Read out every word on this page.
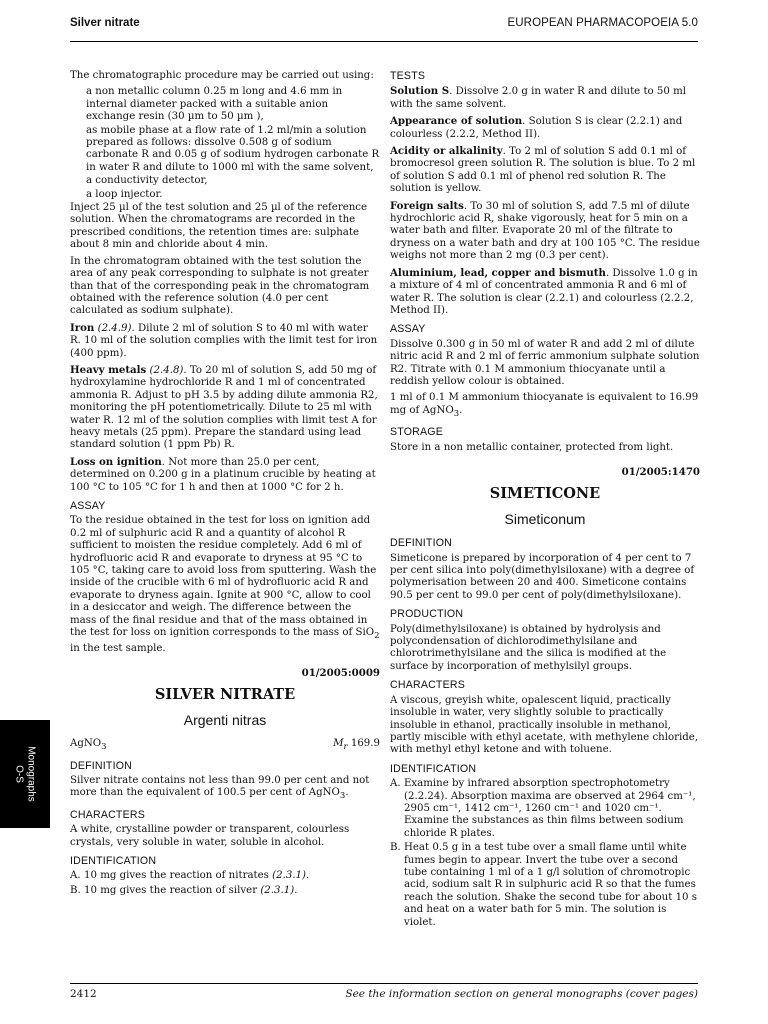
Silver nitrate	EUROPEAN PHARMACOPOEIA 5.0
Monographs
O-S

The chromatographic procedure may be carried out using:

a non metallic column 0.25 m long and 4.6 mm in internal diameter packed with a suitable anion exchange resin (30 µm to 50 µm ),

as mobile phase at a flow rate of 1.2 ml/min a solution prepared as follows: dissolve 0.508 g of sodium carbonate R and 0.05 g of sodium hydrogen carbonate R in water R and dilute to 1000 ml with the same solvent,

a conductivity detector,

a loop injector.

Inject 25 µl of the test solution and 25 µl of the reference solution. When the chromatograms are recorded in the prescribed conditions, the retention times are: sulphate about 8 min and chloride about 4 min.

In the chromatogram obtained with the test solution the area of any peak corresponding to sulphate is not greater than that of the corresponding peak in the chromatogram obtained with the reference solution (4.0 per cent calculated as sodium sulphate).

Iron (2.4.9). Dilute 2 ml of solution S to 40 ml with water R. 10 ml of the solution complies with the limit test for iron (400 ppm).

Heavy metals (2.4.8). To 20 ml of solution S, add 50 mg of hydroxylamine hydrochloride R and 1 ml of concentrated ammonia R. Adjust to pH 3.5 by adding dilute ammonia R2, monitoring the pH potentiometrically. Dilute to 25 ml with water R. 12 ml of the solution complies with limit test A for heavy metals (25 ppm). Prepare the standard using lead standard solution (1 ppm Pb) R.

Loss on ignition. Not more than 25.0 per cent, determined on 0.200 g in a platinum crucible by heating at 100 °C to 105 °C for 1 h and then at 1000 °C for 2 h.

ASSAY

To the residue obtained in the test for loss on ignition add 0.2 ml of sulphuric acid R and a quantity of alcohol R sufficient to moisten the residue completely. Add 6 ml of hydrofluoric acid R and evaporate to dryness at 95 °C to 105 °C, taking care to avoid loss from sputtering. Wash the inside of the crucible with 6 ml of hydrofluoric acid R and evaporate to dryness again. Ignite at 900 °C, allow to cool in a desiccator and weigh. The difference between the mass of the final residue and that of the mass obtained in the test for loss on ignition corresponds to the mass of SiO$_2$ in the test sample.

01/2005:0009
SILVER NITRATE
Argenti nitras
AgNO$_3$	$M_r$ 169.9
DEFINITION

Silver nitrate contains not less than 99.0 per cent and not more than the equivalent of 100.5 per cent of AgNO$_3$.

CHARACTERS

A white, crystalline powder or transparent, colourless crystals, very soluble in water, soluble in alcohol.

IDENTIFICATION
A. 10 mg gives the reaction of nitrates (2.3.1).
B. 10 mg gives the reaction of silver (2.3.1).
TESTS

Solution S. Dissolve 2.0 g in water R and dilute to 50 ml with the same solvent.

Appearance of solution. Solution S is clear (2.2.1) and colourless (2.2.2, Method II).

Acidity or alkalinity. To 2 ml of solution S add 0.1 ml of bromocresol green solution R. The solution is blue. To 2 ml of solution S add 0.1 ml of phenol red solution R. The solution is yellow.

Foreign salts. To 30 ml of solution S, add 7.5 ml of dilute hydrochloric acid R, shake vigorously, heat for 5 min on a water bath and filter. Evaporate 20 ml of the filtrate to dryness on a water bath and dry at 100 105 °C. The residue weighs not more than 2 mg (0.3 per cent).

Aluminium, lead, copper and bismuth. Dissolve 1.0 g in a mixture of 4 ml of concentrated ammonia R and 6 ml of water R. The solution is clear (2.2.1) and colourless (2.2.2, Method II).

ASSAY

Dissolve 0.300 g in 50 ml of water R and add 2 ml of dilute nitric acid R and 2 ml of ferric ammonium sulphate solution R2. Titrate with 0.1 M ammonium thiocyanate until a reddish yellow colour is obtained.

1 ml of 0.1 M ammonium thiocyanate is equivalent to 16.99 mg of AgNO$_3$.

STORAGE

Store in a non metallic container, protected from light.

01/2005:1470
SIMETICONE
Simeticonum
DEFINITION

Simeticone is prepared by incorporation of 4 per cent to 7 per cent silica into poly(dimethylsiloxane) with a degree of polymerisation between 20 and 400. Simeticone contains 90.5 per cent to 99.0 per cent of poly(dimethylsiloxane).

PRODUCTION

Poly(dimethylsiloxane) is obtained by hydrolysis and polycondensation of dichlorodimethylsilane and chlorotrimethylsilane and the silica is modified at the surface by incorporation of methylsilyl groups.

CHARACTERS

A viscous, greyish white, opalescent liquid, practically insoluble in water, very slightly soluble to practically insoluble in ethanol, practically insoluble in methanol, partly miscible with ethyl acetate, with methylene chloride, with methyl ethyl ketone and with toluene.

IDENTIFICATION
A. Examine by infrared absorption spectrophotometry (2.2.24). Absorption maxima are observed at 2964 cm⁻¹, 2905 cm⁻¹, 1412 cm⁻¹, 1260 cm⁻¹ and 1020 cm⁻¹. Examine the substances as thin films between sodium chloride R plates.
B. Heat 0.5 g in a test tube over a small flame until white fumes begin to appear. Invert the tube over a second tube containing 1 ml of a 1 g/l solution of chromotropic acid, sodium salt R in sulphuric acid R so that the fumes reach the solution. Shake the second tube for about 10 s and heat on a water bath for 5 min. The solution is violet.
2412	See the information section on general monographs (cover pages)
